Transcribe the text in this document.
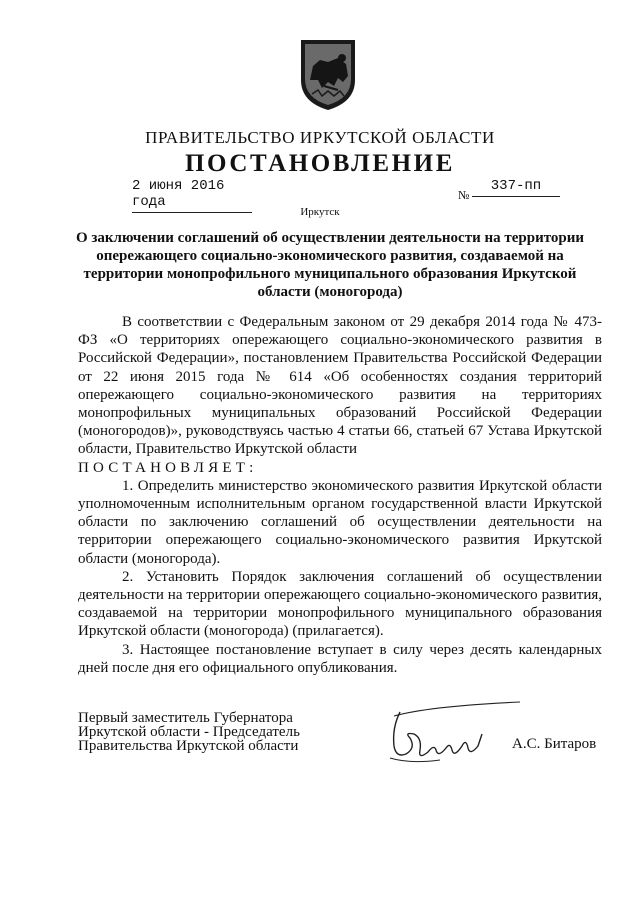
ПРАВИТЕЛЬСТВО ИРКУТСКОЙ ОБЛАСТИ
ПОСТАНОВЛЕНИЕ
2 июня 2016 года	№
337-пп
Иркутск
О заключении соглашений об осуществлении деятельности на территории опережающего социально-экономического развития, создаваемой на территории монопрофильного муниципального образования Иркутской области (моногорода)

В соответствии с Федеральным законом от 29 декабря 2014 года № 473-ФЗ «О территориях опережающего социально-экономического развития в Российской Федерации», постановлением Правительства Российской Федерации от 22 июня 2015 года № 614 «Об особенностях создания территорий опережающего социально-экономического развития на территориях монопрофильных муниципальных образований Российской Федерации (моногородов)», руководствуясь частью 4 статьи 66, статьей 67 Устава Иркутской области, Правительство Иркутской области

ПОСТАНОВЛЯЕТ:

1. Определить министерство экономического развития Иркутской области уполномоченным исполнительным органом государственной власти Иркутской области по заключению соглашений об осуществлении деятельности на территории опережающего социально-экономического развития Иркутской области (моногорода).

2. Установить Порядок заключения соглашений об осуществлении деятельности на территории опережающего социально-экономического развития, создаваемой на территории монопрофильного муниципального образования Иркутской области (моногорода) (прилагается).

3. Настоящее постановление вступает в силу через десять календарных дней после дня его официального опубликования.

Первый заместитель Губернатора
Иркутской области - Председатель
Правительства Иркутской области	А.С. Битаров
